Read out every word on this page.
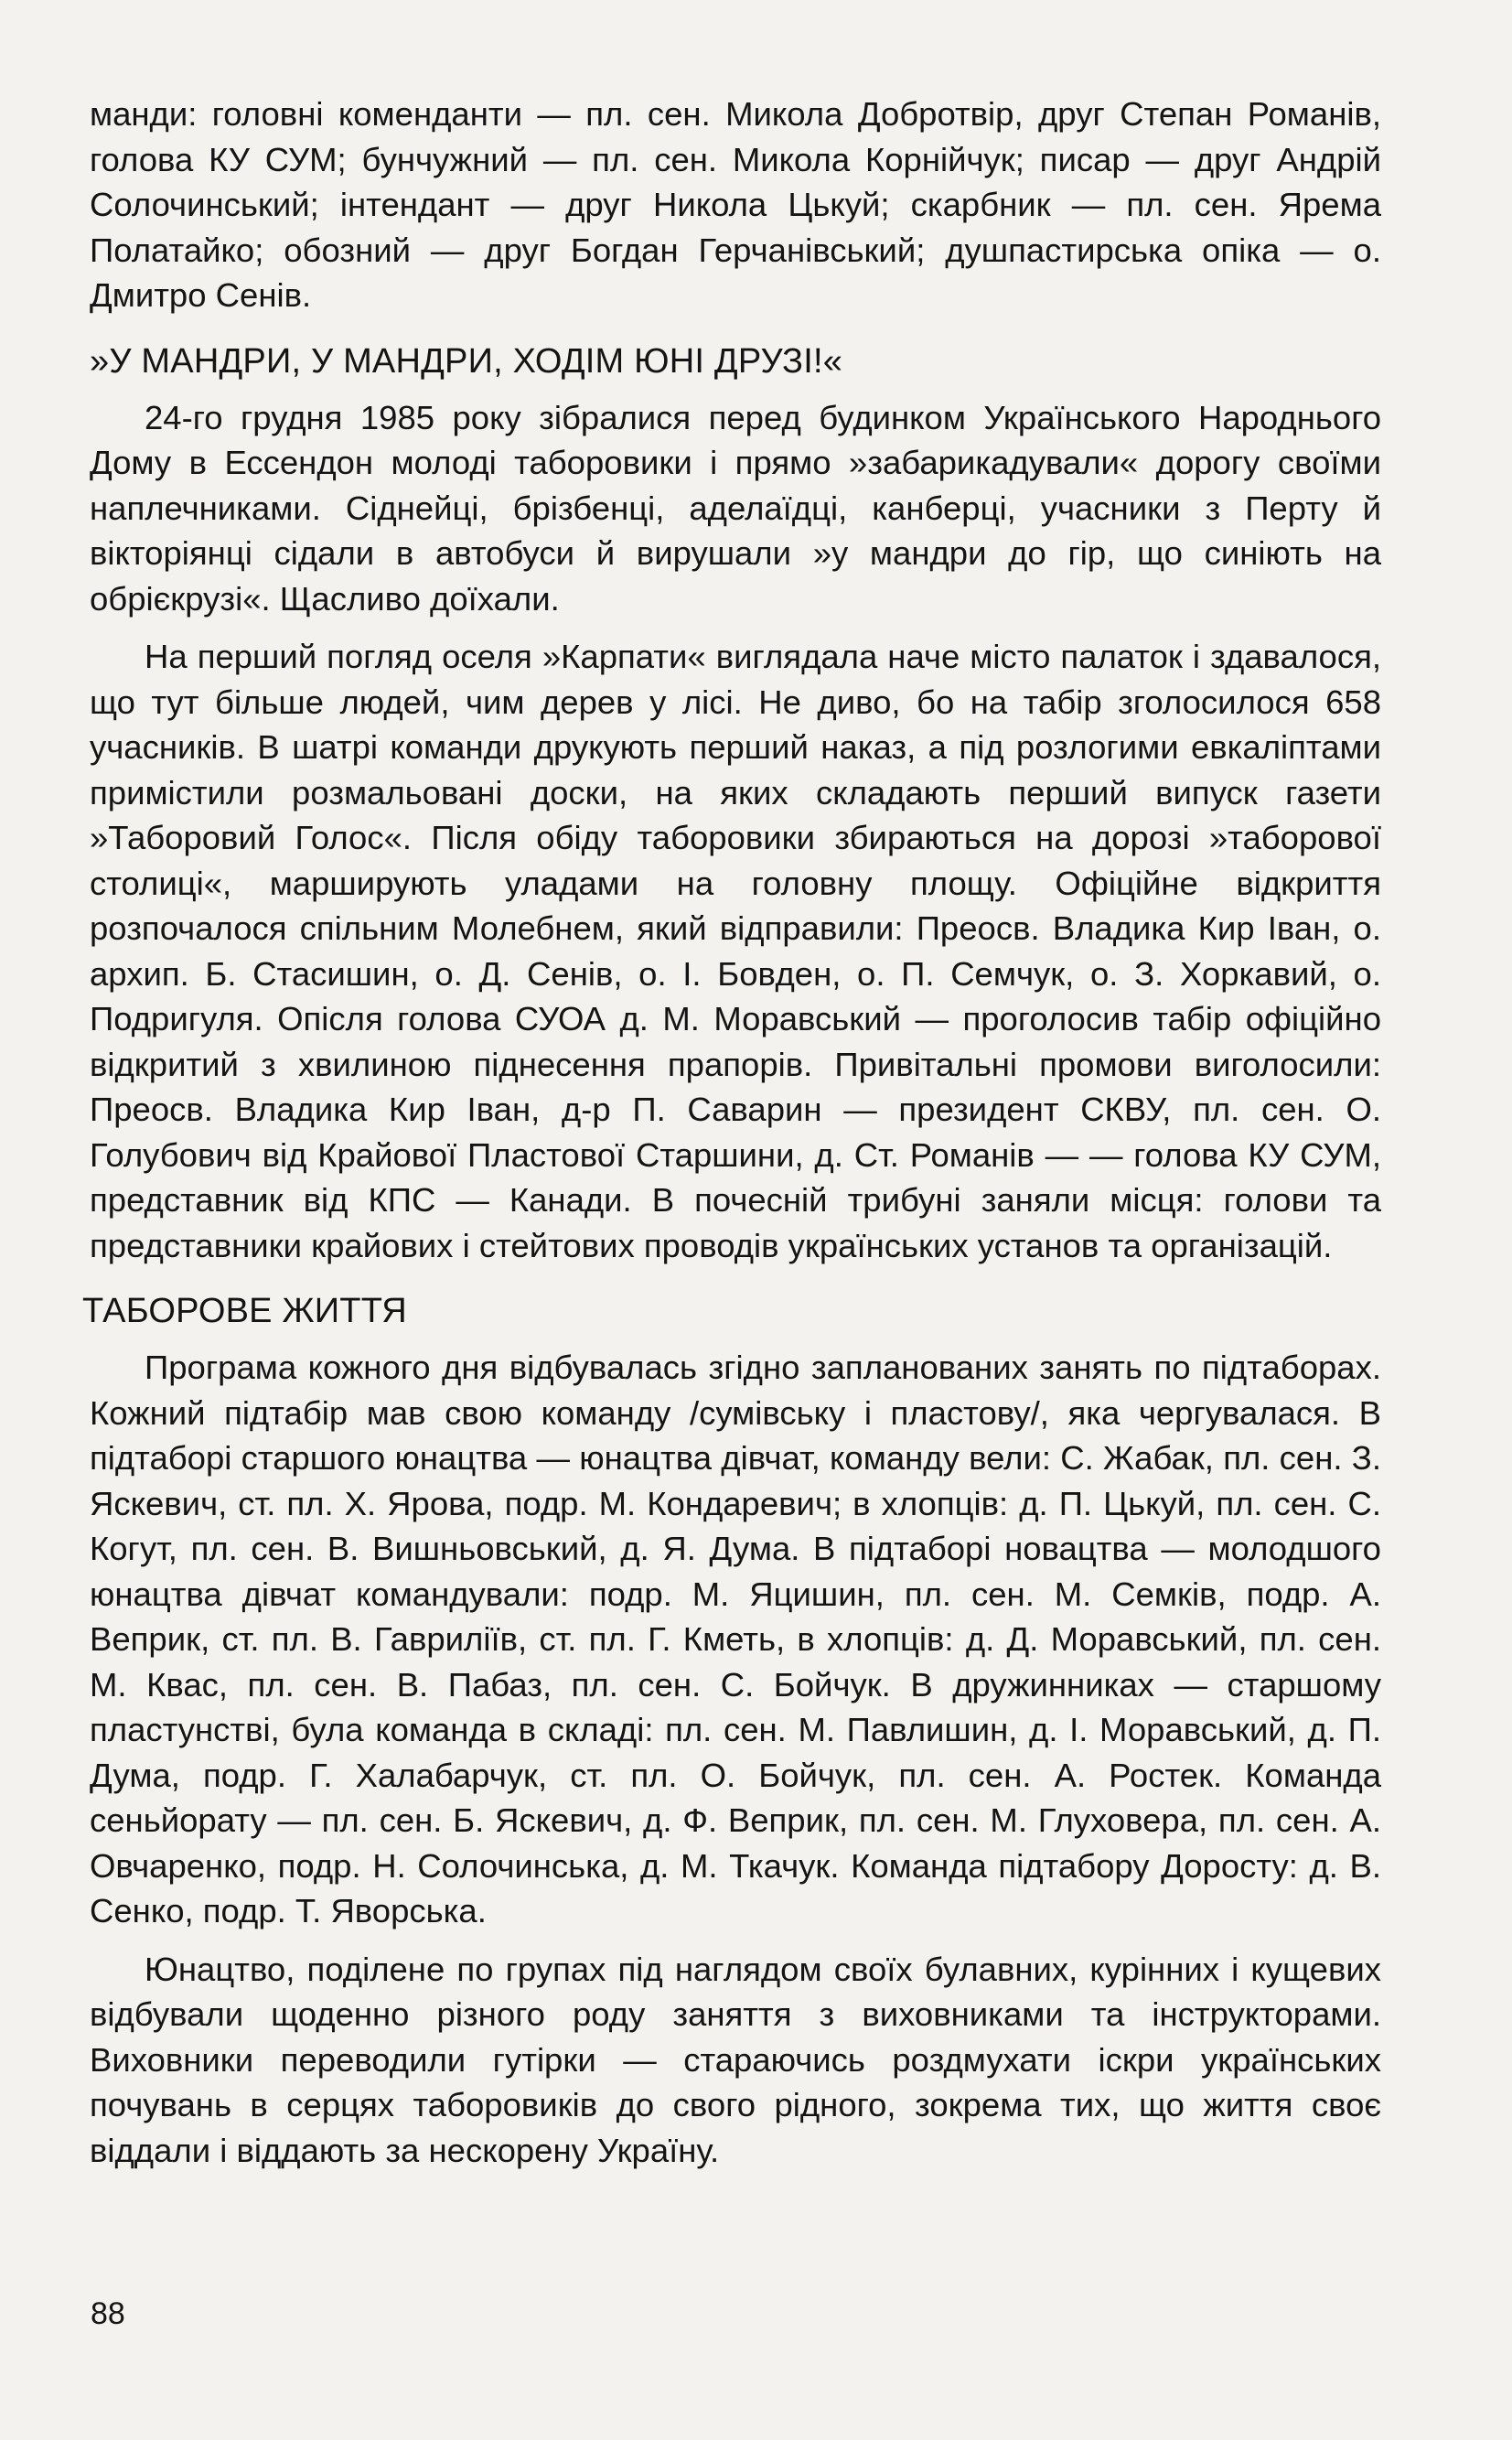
манди: головні коменданти — пл. сен. Микола Добротвір, друг Степан Романів, голова КУ СУМ; бунчужний — пл. сен. Микола Корнійчук; писар — друг Андрій Солочинський; інтендант — друг Никола Цькуй; скарбник — пл. сен. Ярема Полатайко; обозний — друг Богдан Герчанівський; душпастирська опіка — о. Дмитро Сенів.

»У МАНДРИ, У МАНДРИ, ХОДІМ ЮНІ ДРУЗІ!«

24-го грудня 1985 року зібралися перед будинком Українського Народнього Дому в Ессендон молоді таборовики і прямо »забарикадували« дорогу своїми наплечниками. Сіднейці, брізбенці, аделаїдці, канберці, учасники з Перту й вікторіянці сідали в автобуси й вирушали »у мандри до гір, що синіють на обрієкрузі«. Щасливо доїхали.

На перший погляд оселя »Карпати« виглядала наче місто палаток і здавалося, що тут більше людей, чим дерев у лісі. Не диво, бо на табір зголосилося 658 учасників. В шатрі команди друкують перший наказ, а під розлогими евкаліптами примістили розмальовані доски, на яких складають перший випуск газети »Таборовий Голос«. Після обіду таборовики збираються на дорозі »таборової столиці«, марширують уладами на головну площу. Офіційне відкриття розпочалося спільним Молебнем, який відправили: Преосв. Владика Кир Іван, о. архип. Б. Стасишин, о. Д. Сенів, о. І. Бовден, о. П. Семчук, о. З. Хоркавий, о. Подригуля. Опісля голова СУОА д. М. Моравський — проголосив табір офіційно відкритий з хвилиною піднесення прапорів. Привітальні промови виголосили: Преосв. Владика Кир Іван, д-р П. Саварин — президент СКВУ, пл. сен. О. Голубович від Крайової Пластової Старшини, д. Ст. Романів — — голова КУ СУМ, представник від КПС — Канади. В почесній трибуні заняли місця: голови та представники крайових і стейтових проводів українських установ та організацій.

ТАБОРОВЕ ЖИТТЯ

Програма кожного дня відбувалась згідно запланованих занять по підтаборах. Кожний підтабір мав свою команду /сумівську і пластову/, яка чергувалася. В підтаборі старшого юнацтва — юнацтва дівчат, команду вели: С. Жабак, пл. сен. З. Яскевич, ст. пл. Х. Ярова, подр. М. Кондаревич; в хлопців: д. П. Цькуй, пл. сен. С. Когут, пл. сен. В. Вишньовський, д. Я. Дума. В підтаборі новацтва — молодшого юнацтва дівчат командували: подр. М. Яцишин, пл. сен. М. Семків, подр. А. Веприк, ст. пл. В. Гавриліїв, ст. пл. Г. Кметь, в хлопців: д. Д. Моравський, пл. сен. М. Квас, пл. сен. В. Пабаз, пл. сен. С. Бойчук. В дружинниках — старшому пластунстві, була команда в складі: пл. сен. М. Павлишин, д. І. Моравський, д. П. Дума, подр. Г. Халабарчук, ст. пл. О. Бойчук, пл. сен. А. Ростек. Команда сеньйорату — пл. сен. Б. Яскевич, д. Ф. Веприк, пл. сен. М. Глуховера, пл. сен. А. Овчаренко, подр. Н. Солочинська, д. М. Ткачук. Команда підтабору Доросту: д. В. Сенко, подр. Т. Яворська.

Юнацтво, поділене по групах під наглядом своїх булавних, курінних і кущевих відбували щоденно різного роду заняття з виховниками та інструкторами. Виховники переводили гутірки — стараючись роздмухати іскри українських почувань в серцях таборовиків до свого рідного, зокрема тих, що життя своє віддали і віддають за нескорену Україну.

88
